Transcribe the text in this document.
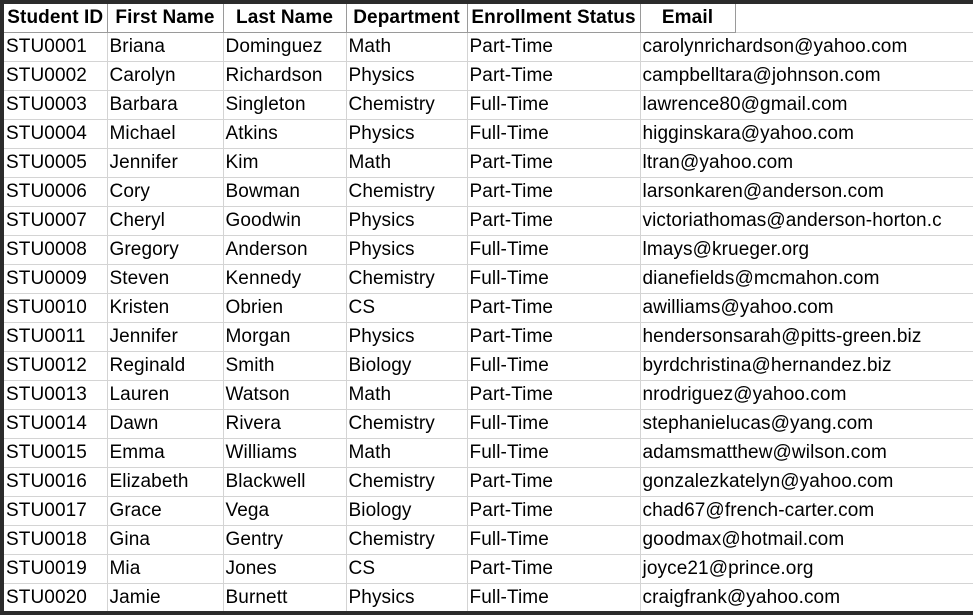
Student ID	First Name	Last Name	Department	Enrollment Status	Email		
STU0001	Briana	Dominguez	Math	Part-Time	carolynrichardson@yahoo.com		
STU0002	Carolyn	Richardson	Physics	Part-Time	campbelltara@johnson.com		
STU0003	Barbara	Singleton	Chemistry	Full-Time	lawrence80@gmail.com		
STU0004	Michael	Atkins	Physics	Full-Time	higginskara@yahoo.com		
STU0005	Jennifer	Kim	Math	Part-Time	ltran@yahoo.com		
STU0006	Cory	Bowman	Chemistry	Part-Time	larsonkaren@anderson.com		
STU0007	Cheryl	Goodwin	Physics	Part-Time	victoriathomas@anderson-horton.c		
STU0008	Gregory	Anderson	Physics	Full-Time	lmays@krueger.org		
STU0009	Steven	Kennedy	Chemistry	Full-Time	dianefields@mcmahon.com		
STU0010	Kristen	Obrien	CS	Part-Time	awilliams@yahoo.com		
STU0011	Jennifer	Morgan	Physics	Part-Time	hendersonsarah@pitts-green.biz		
STU0012	Reginald	Smith	Biology	Full-Time	byrdchristina@hernandez.biz		
STU0013	Lauren	Watson	Math	Part-Time	nrodriguez@yahoo.com		
STU0014	Dawn	Rivera	Chemistry	Full-Time	stephanielucas@yang.com		
STU0015	Emma	Williams	Math	Full-Time	adamsmatthew@wilson.com		
STU0016	Elizabeth	Blackwell	Chemistry	Part-Time	gonzalezkatelyn@yahoo.com		
STU0017	Grace	Vega	Biology	Part-Time	chad67@french-carter.com		
STU0018	Gina	Gentry	Chemistry	Full-Time	goodmax@hotmail.com		
STU0019	Mia	Jones	CS	Part-Time	joyce21@prince.org		
STU0020	Jamie	Burnett	Physics	Full-Time	craigfrank@yahoo.com		
